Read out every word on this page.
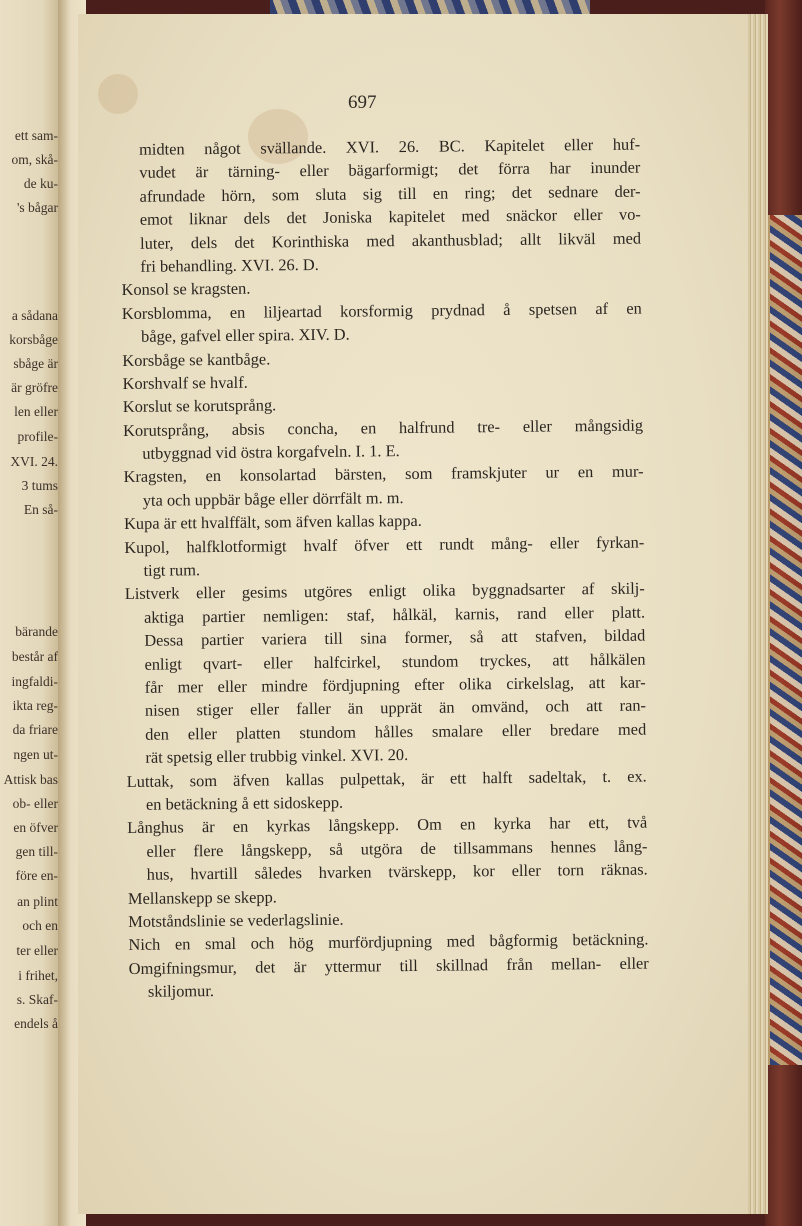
ett sam-
om, skå-
de ku-
's bågar
a sådana
korsbåge
sbåge är
är gröfre
len eller
profile-
XVI. 24.
3 tums
En så-
bärande
består af
ingfaldi-
ikta reg-
da friare
ngen ut-
Attisk bas
ob- eller
en öfver
gen till-
före en-
an plint
och en
ter eller
i frihet,
s. Skaf-
endels å
697
midten något svällande. XVI. 26. BC. Kapitelet eller huf-
vudet är tärning- eller bägarformigt; det förra har inunder
afrundade hörn, som sluta sig till en ring; det sednare der-
emot liknar dels det Joniska kapitelet med snäckor eller vo-
luter, dels det Korinthiska med akanthusblad; allt likväl med
fri behandling. XVI. 26. D.
Konsol se kragsten.
Korsblomma, en liljeartad korsformig prydnad å spetsen af en
båge, gafvel eller spira. XIV. D.
Korsbåge se kantbåge.
Korshvalf se hvalf.
Korslut se korutsprång.
Korutsprång, absis concha, en halfrund tre- eller mångsidig
utbyggnad vid östra korgafveln. I. 1. E.
Kragsten, en konsolartad bärsten, som framskjuter ur en mur-
yta och uppbär båge eller dörrfält m. m.
Kupa är ett hvalffält, som äfven kallas kappa.
Kupol, halfklotformigt hvalf öfver ett rundt mång- eller fyrkan-
tigt rum.
Listverk eller gesims utgöres enligt olika byggnadsarter af skilj-
aktiga partier nemligen: staf, hålkäl, karnis, rand eller platt.
Dessa partier variera till sina former, så att stafven, bildad
enligt qvart- eller halfcirkel, stundom tryckes, att hålkälen
får mer eller mindre fördjupning efter olika cirkelslag, att kar-
nisen stiger eller faller än upprät än omvänd, och att ran-
den eller platten stundom hålles smalare eller bredare med
rät spetsig eller trubbig vinkel. XVI. 20.
Luttak, som äfven kallas pulpettak, är ett halft sadeltak, t. ex.
en betäckning å ett sidoskepp.
Långhus är en kyrkas långskepp. Om en kyrka har ett, två
eller flere långskepp, så utgöra de tillsammans hennes lång-
hus, hvartill således hvarken tvärskepp, kor eller torn räknas.
Mellanskepp se skepp.
Motståndslinie se vederlagslinie.
Nich en smal och hög murfördjupning med bågformig betäckning.
Omgifningsmur, det är yttermur till skillnad från mellan- eller
skiljomur.
